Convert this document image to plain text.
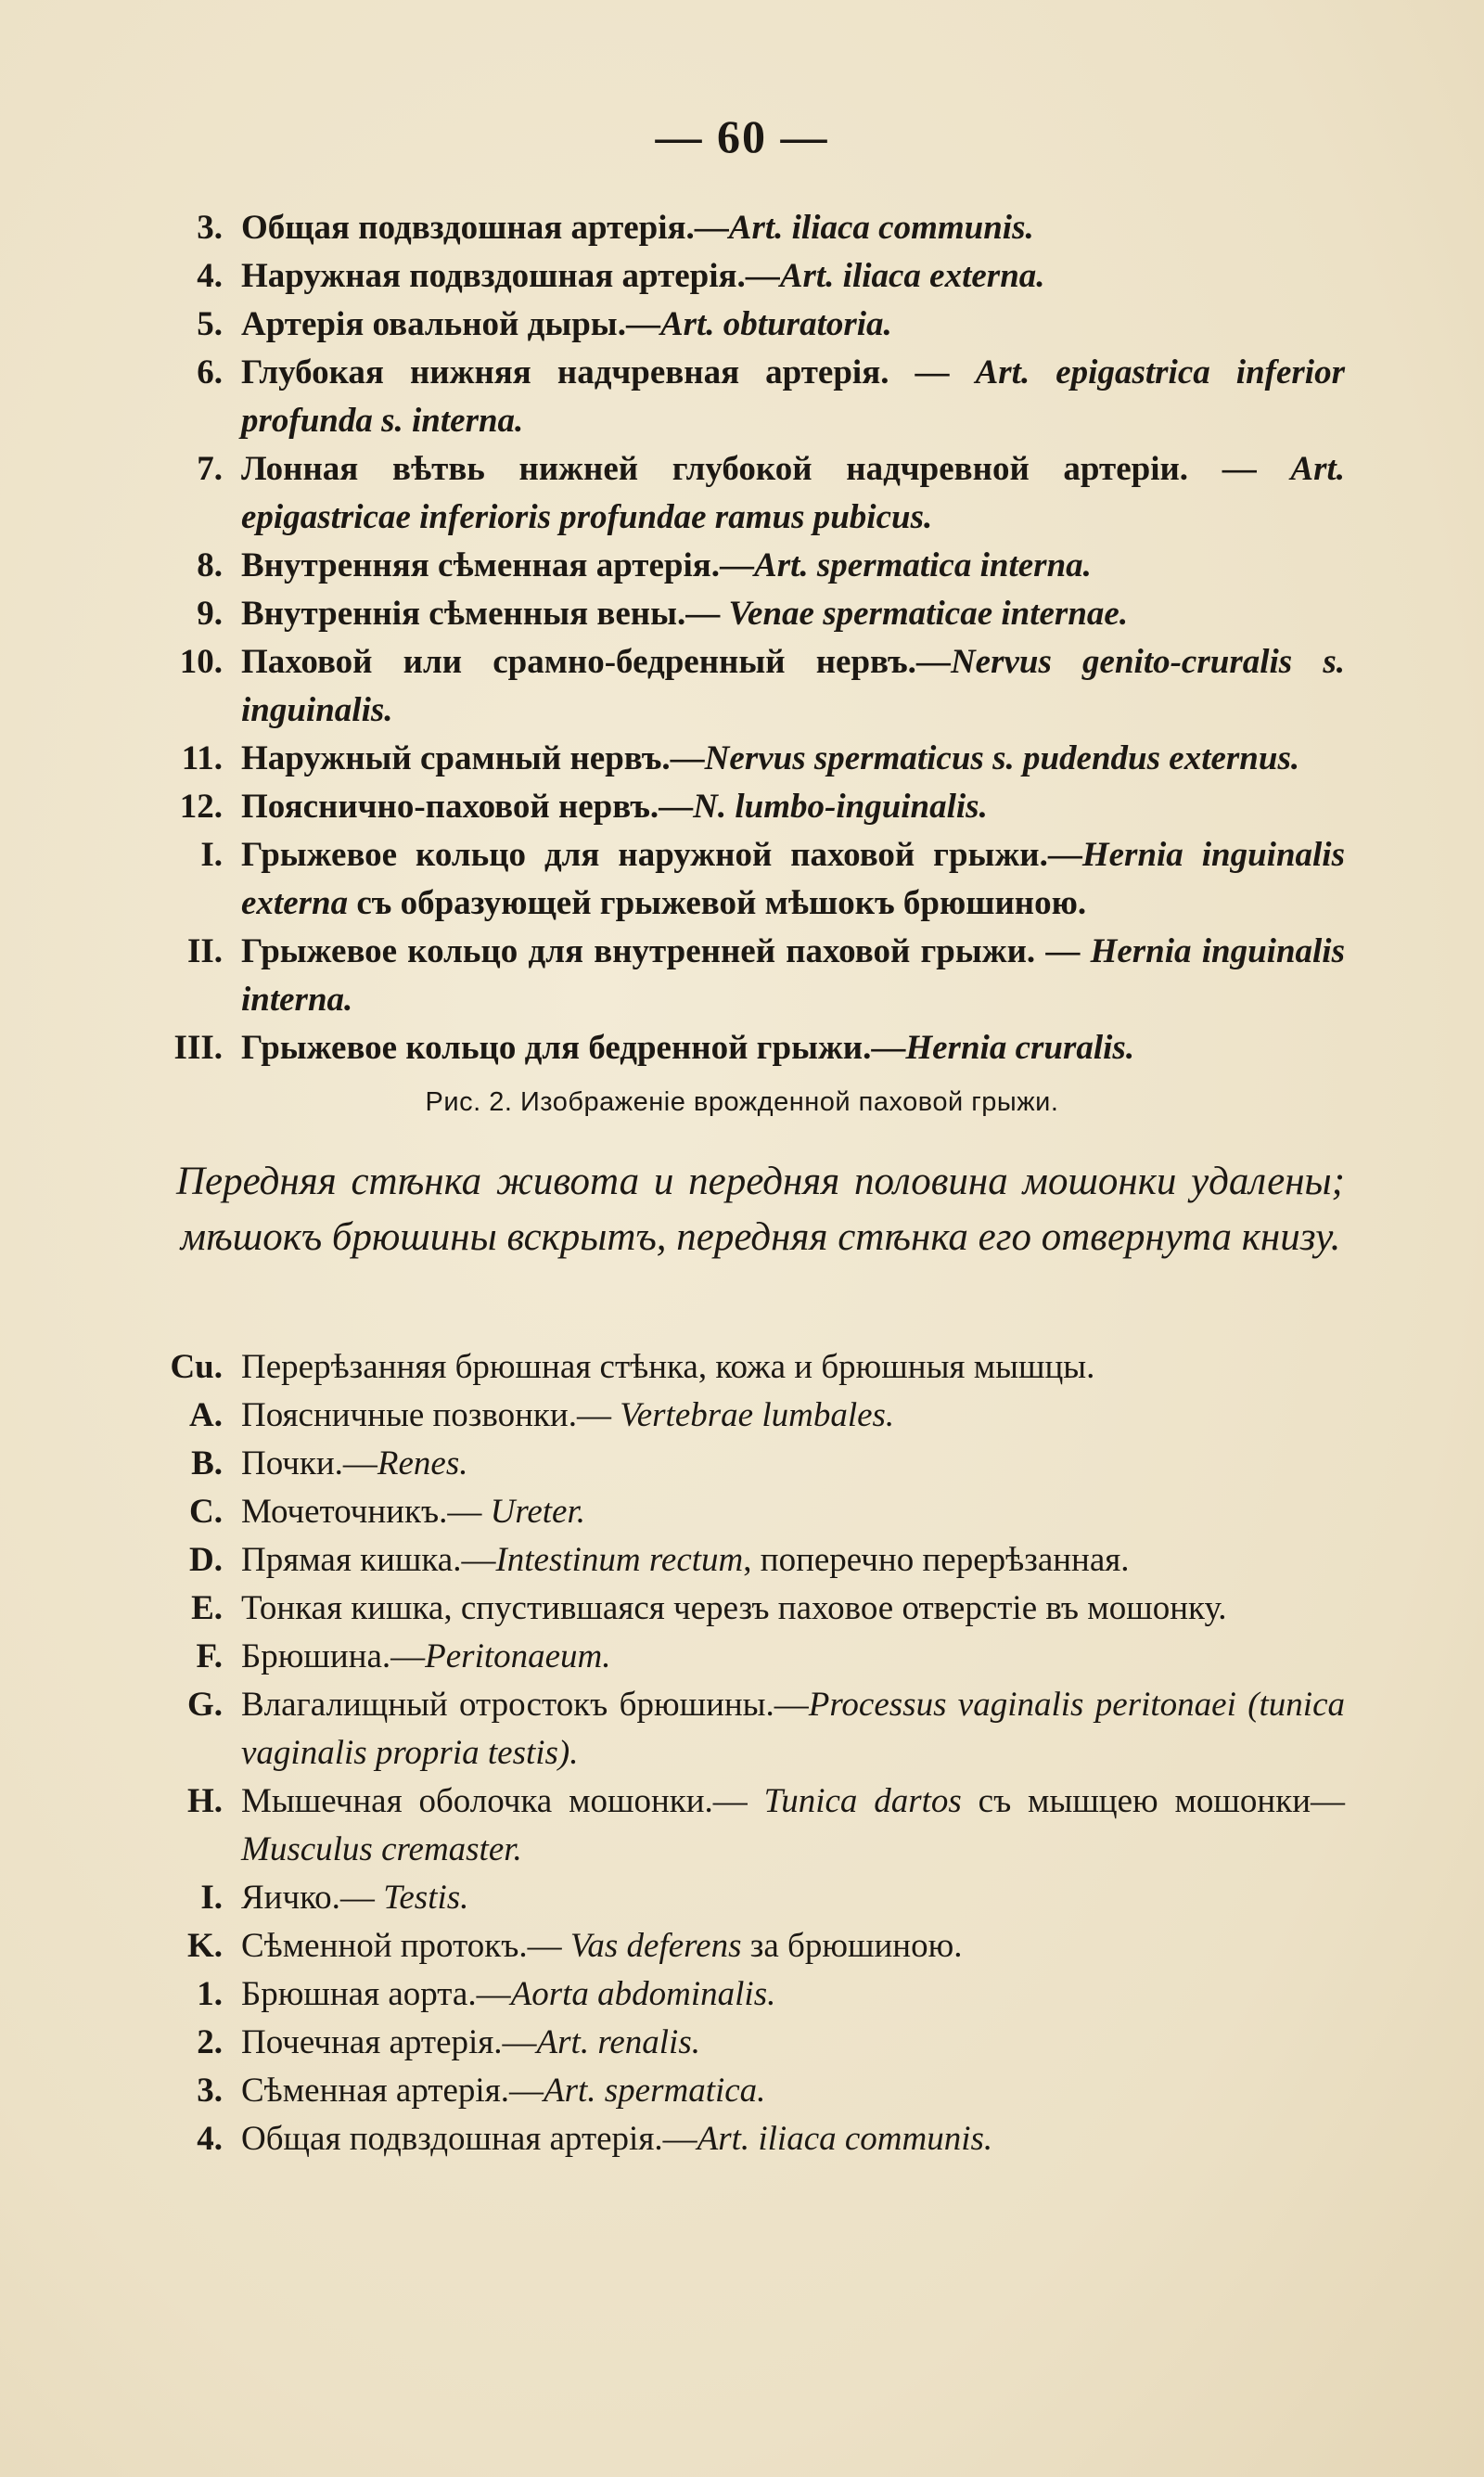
— 60 —
3. Общая подвздошная артерія.—Art. iliaca communis.
4. Наружная подвздошная артерія.—Art. iliaca externa.
5. Артерія овальной дыры.—Art. obturatoria.
6. Глубокая нижняя надчревная артерія. — Art. epigastrica inferior profunda s. interna.
7. Лонная вѣтвь нижней глубокой надчревной артеріи. — Art. epigastricae inferioris profundae ramus pubicus.
8. Внутренняя сѣменная артерія.—Art. spermatica interna.
9. Внутреннія сѣменныя вены.— Venae spermaticae internae.
10. Паховой или срамно-бедренный нервъ.—Nervus genito-cruralis s. inguinalis.
11. Наружный срамный нервъ.—Nervus spermaticus s. pudendus externus.
12. Пояснично-паховой нервъ.—N. lumbo-inguinalis.
I. Грыжевое кольцо для наружной паховой грыжи.—Hernia inguinalis externa съ образующей грыжевой мѣшокъ брюшиною.
II. Грыжевое кольцо для внутренней паховой грыжи. — Hernia inguinalis interna.
III. Грыжевое кольцо для бедренной грыжи.—Hernia cruralis.
Рис. 2. Изображеніе врожденной паховой грыжи.
Передняя стѣнка живота и передняя половина мошонки удалены; мѣшокъ брюшины вскрытъ, передняя стѣнка его отвернута книзу.
Cu. Перерѣзанняя брюшная стѣнка, кожа и брюшныя мышцы.
A. Поясничные позвонки.— Vertebrae lumbales.
B. Почки.—Renes.
C. Мочеточникъ.— Ureter.
D. Прямая кишка.—Intestinum rectum, поперечно перерѣзанная.
E. Тонкая кишка, спустившаяся черезъ паховое отверстіе въ мошонку.
F. Брюшина.—Peritonaeum.
G. Влагалищный отростокъ брюшины.—Processus vaginalis peritonaei (tunica vaginalis propria testis).
H. Мышечная оболочка мошонки.— Tunica dartos съ мышцею мошонки—Musculus cremaster.
I. Яичко.— Testis.
K. Сѣменной протокъ.— Vas deferens за брюшиною.
1. Брюшная аорта.—Aorta abdominalis.
2. Почечная артерія.—Art. renalis.
3. Сѣменная артерія.—Art. spermatica.
4. Общая подвздошная артерія.—Art. iliaca communis.
